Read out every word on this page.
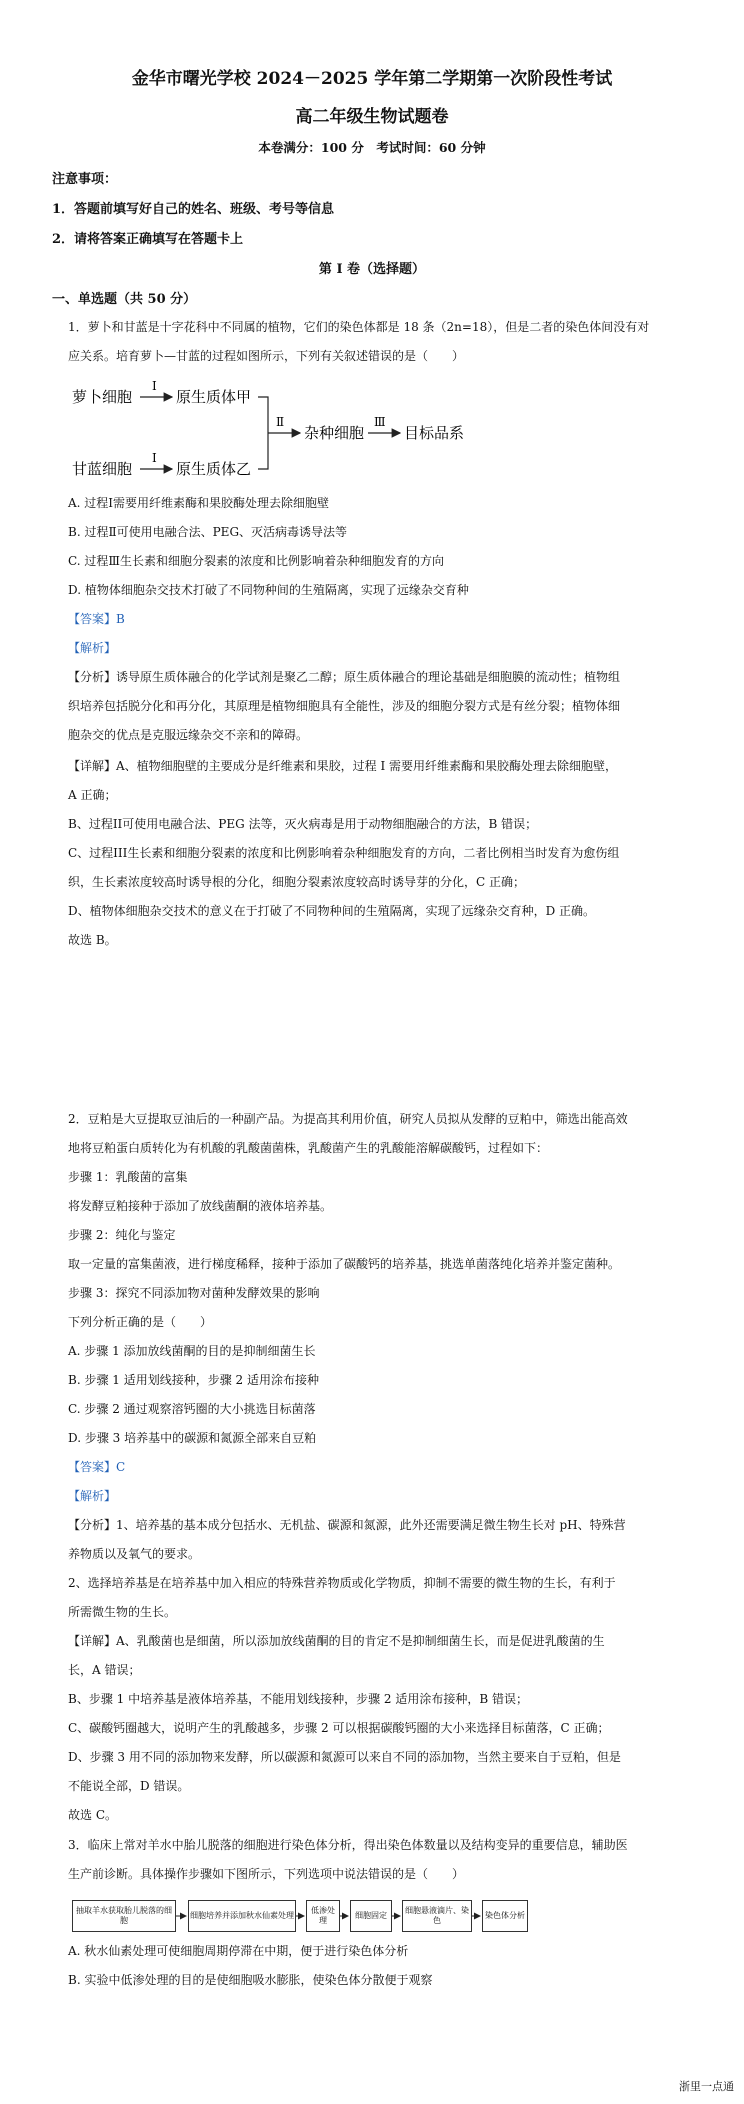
金华市曙光学校 2024－2025 学年第二学期第一次阶段性考试
高二年级生物试题卷
本卷满分：100 分　考试时间：60 分钟
注意事项：
1．答题前填写好自己的姓名、班级、考号等信息
2．请将答案正确填写在答题卡上
第 I 卷（选择题）
一、单选题（共 50 分）
1．萝卜和甘蓝是十字花科中不同属的植物，它们的染色体都是 18 条（2n=18），但是二者的染色体间没有对
应关系。培育萝卜—甘蓝的过程如图所示，下列有关叙述错误的是（　　）
萝卜细胞
甘蓝细胞
Ⅰ
Ⅰ
原生质体甲
原生质体乙
Ⅱ
杂种细胞
Ⅲ
目标品系
A. 过程Ⅰ需要用纤维素酶和果胶酶处理去除细胞壁
B. 过程Ⅱ可使用电融合法、PEG、灭活病毒诱导法等
C. 过程Ⅲ生长素和细胞分裂素的浓度和比例影响着杂种细胞发育的方向
D. 植物体细胞杂交技术打破了不同物种间的生殖隔离，实现了远缘杂交育种
【答案】B
【解析】
【分析】诱导原生质体融合的化学试剂是聚乙二醇；原生质体融合的理论基础是细胞膜的流动性；植物组
织培养包括脱分化和再分化，其原理是植物细胞具有全能性，涉及的细胞分裂方式是有丝分裂；植物体细
胞杂交的优点是克服远缘杂交不亲和的障碍。
【详解】A、植物细胞壁的主要成分是纤维素和果胶，过程 I 需要用纤维素酶和果胶酶处理去除细胞壁，
A 正确；
B、过程II可使用电融合法、PEG 法等，灭火病毒是用于动物细胞融合的方法，B 错误；
C、过程III生长素和细胞分裂素的浓度和比例影响着杂种细胞发育的方向，二者比例相当时发育为愈伤组
织，生长素浓度较高时诱导根的分化，细胞分裂素浓度较高时诱导芽的分化，C 正确；
D、植物体细胞杂交技术的意义在于打破了不同物种间的生殖隔离，实现了远缘杂交育种，D 正确。
故选 B。
2．豆粕是大豆提取豆油后的一种副产品。为提高其利用价值，研究人员拟从发酵的豆粕中，筛选出能高效
地将豆粕蛋白质转化为有机酸的乳酸菌菌株，乳酸菌产生的乳酸能溶解碳酸钙，过程如下：
步骤 1：乳酸菌的富集
将发酵豆粕接种于添加了放线菌酮的液体培养基。
步骤 2：纯化与鉴定
取一定量的富集菌液，进行梯度稀释，接种于添加了碳酸钙的培养基，挑选单菌落纯化培养并鉴定菌种。
步骤 3：探究不同添加物对菌种发酵效果的影响
下列分析正确的是（　　）
A. 步骤 1 添加放线菌酮的目的是抑制细菌生长
B. 步骤 1 适用划线接种，步骤 2 适用涂布接种
C. 步骤 2 通过观察溶钙圈的大小挑选目标菌落
D. 步骤 3 培养基中的碳源和氮源全部来自豆粕
【答案】C
【解析】
【分析】1、培养基的基本成分包括水、无机盐、碳源和氮源，此外还需要满足微生物生长对 pH、特殊营
养物质以及氧气的要求。
2、选择培养基是在培养基中加入相应的特殊营养物质或化学物质，抑制不需要的微生物的生长，有利于
所需微生物的生长。
【详解】A、乳酸菌也是细菌，所以添加放线菌酮的目的肯定不是抑制细菌生长，而是促进乳酸菌的生
长，A 错误；
B、步骤 1 中培养基是液体培养基，不能用划线接种，步骤 2 适用涂布接种，B 错误；
C、碳酸钙圈越大，说明产生的乳酸越多，步骤 2 可以根据碳酸钙圈的大小来选择目标菌落，C 正确；
D、步骤 3 用不同的添加物来发酵，所以碳源和氮源可以来自不同的添加物，当然主要来自于豆粕，但是
不能说全部，D 错误。
故选 C。
3．临床上常对羊水中胎儿脱落的细胞进行染色体分析，得出染色体数量以及结构变异的重要信息，辅助医
生产前诊断。具体操作步骤如下图所示，下列选项中说法错误的是（　　）
抽取羊水获取胎儿脱落的细胞
细胞培养并添加秋水仙素处理
低渗处理
细胞固定
细胞悬液滴片、染色
染色体分析
A. 秋水仙素处理可使细胞周期停滞在中期，便于进行染色体分析
B. 实验中低渗处理的目的是使细胞吸水膨胀，使染色体分散便于观察
浙里一点通
